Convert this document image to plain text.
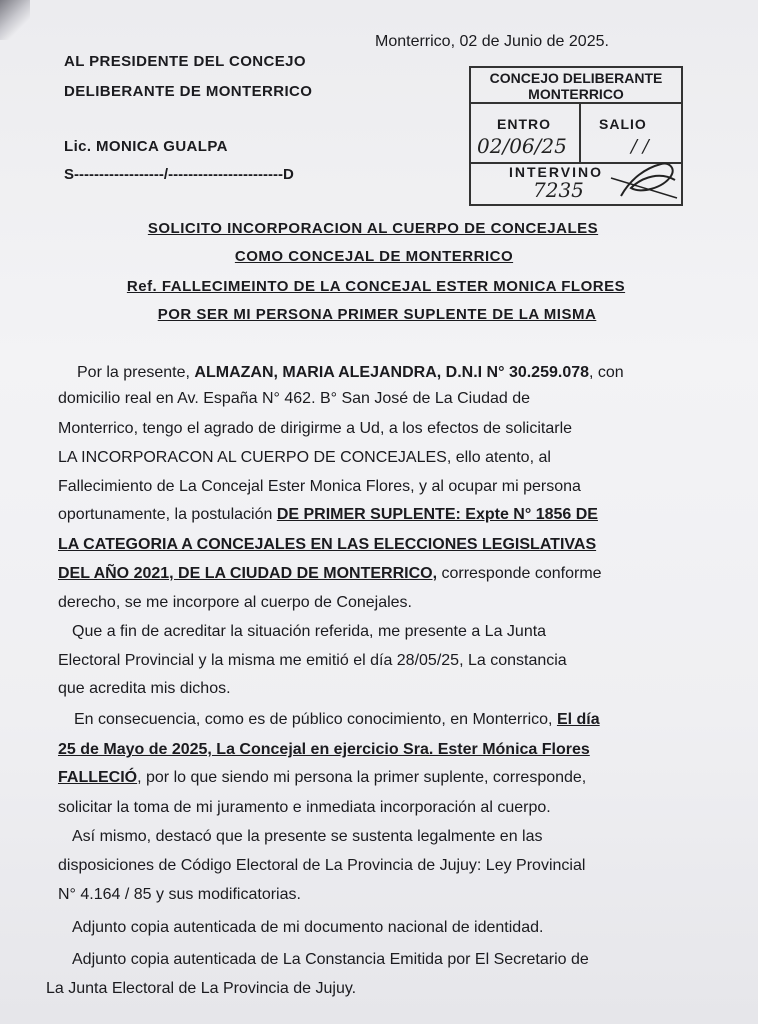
Monterrico, 02 de Junio de 2025.
AL PRESIDENTE DEL CONCEJO
DELIBERANTE DE MONTERRICO
Lic. MONICA GUALPA
S------------------/-----------------------D
CONCEJO DELIBERANTE
MONTERRICO
ENTRO	SALIO
02/06/25	/ /
INTERVINO
7235
SOLICITO INCORPORACION AL CUERPO DE CONCEJALES
COMO CONCEJAL DE MONTERRICO
Ref. FALLECIMEINTO DE LA CONCEJAL ESTER MONICA FLORES
POR SER MI PERSONA PRIMER SUPLENTE DE LA MISMA
Por la presente, ALMAZAN, MARIA ALEJANDRA, D.N.I N° 30.259.078, con
domicilio real en Av. España N° 462. B° San José de La Ciudad de
Monterrico, tengo el agrado de dirigirme a Ud, a los efectos de solicitarle
LA INCORPORACON AL CUERPO DE CONCEJALES, ello atento, al
Fallecimiento de La Concejal Ester Monica Flores, y al ocupar mi persona
oportunamente, la postulación DE PRIMER SUPLENTE: Expte N° 1856 DE
LA CATEGORIA A CONCEJALES EN LAS ELECCIONES LEGISLATIVAS
DEL AÑO 2021, DE LA CIUDAD DE MONTERRICO, corresponde conforme
derecho, se me incorpore al cuerpo de Conejales.
Que a fin de acreditar la situación referida, me presente a La Junta
Electoral Provincial y la misma me emitió el día 28/05/25, La constancia
que acredita mis dichos.
En consecuencia, como es de público conocimiento, en Monterrico, El día
25 de Mayo de 2025, La Concejal en ejercicio Sra. Ester Mónica Flores
FALLECIÓ, por lo que siendo mi persona la primer suplente, corresponde,
solicitar la toma de mi juramento e inmediata incorporación al cuerpo.
Así mismo, destacó que la presente se sustenta legalmente en las
disposiciones de Código Electoral de La Provincia de Jujuy: Ley Provincial
N° 4.164 / 85 y sus modificatorias.
Adjunto copia autenticada de mi documento nacional de identidad.
Adjunto copia autenticada de La Constancia Emitida por El Secretario de
La Junta Electoral de La Provincia de Jujuy.
